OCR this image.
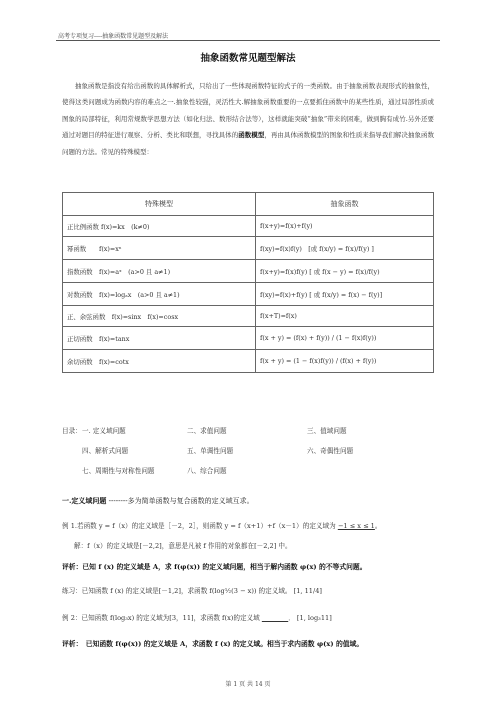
高考专项复习----抽象函数常见题型及解法
抽象函数常见题型解法
抽象函数是指没有给出函数的具体解析式，只给出了一些体现函数特征的式子的一类函数。由于抽象函数表现形式的抽象性，使得这类问题成为函数内容的难点之一.抽象性较强，灵活性大.解抽象函数重要的一点要抓住函数中的某些性质，通过局部性质或图象的局部特征，利用常规数学思想方法（如化归法、数形结合法等），这样就能突破“抽象”带来的困难，做到胸有成竹.另外还要通过对题目的特征进行观察、分析、类比和联想，寻找具体的函数模型，再由具体函数模型的图象和性质来指导我们解决抽象函数问题的方法。常见的特殊模型：
特殊模型	抽象函数
正比例函数 f(x)=kx　(k≠0)	f(x+y)=f(x)+f(y)
幂函数　　f(x)=xⁿ	f(xy)=f(x)f(y)　[或 f(x/y) = f(x)/f(y) ]
指数函数　f(x)=aˣ　(a>0 且 a≠1)	f(x+y)=f(x)f(y) [ 或 f(x − y) = f(x)/f(y)
对数函数　f(x)=logₐx　(a>0 且 a≠1)	f(xy)=f(x)+f(y) [ 或 f(x/y) = f(x) − f(y)]
正、余弦函数　f(x)=sinx　f(x)=cosx	f(x+T)=f(x)
正切函数　f(x)=tanx	f(x + y) = (f(x) + f(y)) / (1 − f(x)f(y))
余切函数　f(x)=cotx	f(x + y) = (1 − f(x)f(y)) / (f(x) + f(y))
目录： 一. 定义域问题	二、求值问题	三、值域问题
四、解析式问题	五、单调性问题	六、奇偶性问题
七、周期性与对称性问题	八、综合问题
一.定义域问题 --------多为简单函数与复合函数的定义域互求。
例 1.若函数 y = f（x）的定义域是［－2，2］，则函数 y = f（x+1）+f（x－1）的定义域为 −1 ≤ x ≤ 1。
解：f（x）的定义域是[－2,2]，意思是凡被 f 作用的对象都在[－2,2] 中。
评析：已知 f (x) 的定义域是 A，求 f(φ(x)) 的定义域问题，相当于解内函数 φ(x) 的不等式问题。
练习：已知函数 f (x) 的定义域是[－1,2]，求函数 f(log½(3 − x)) 的定义域。 [1, 11/4]
例 2：已知函数 f(log₃x) 的定义域为[3，11]，求函数 f(x)的定义域 　　　　	． [1, log₃11]
评析：　已知函数 f(φ(x)) 的定义域是 A，求函数 f (x) 的定义域。相当于求内函数 φ(x) 的值域。
第 1 页 共 14 页
